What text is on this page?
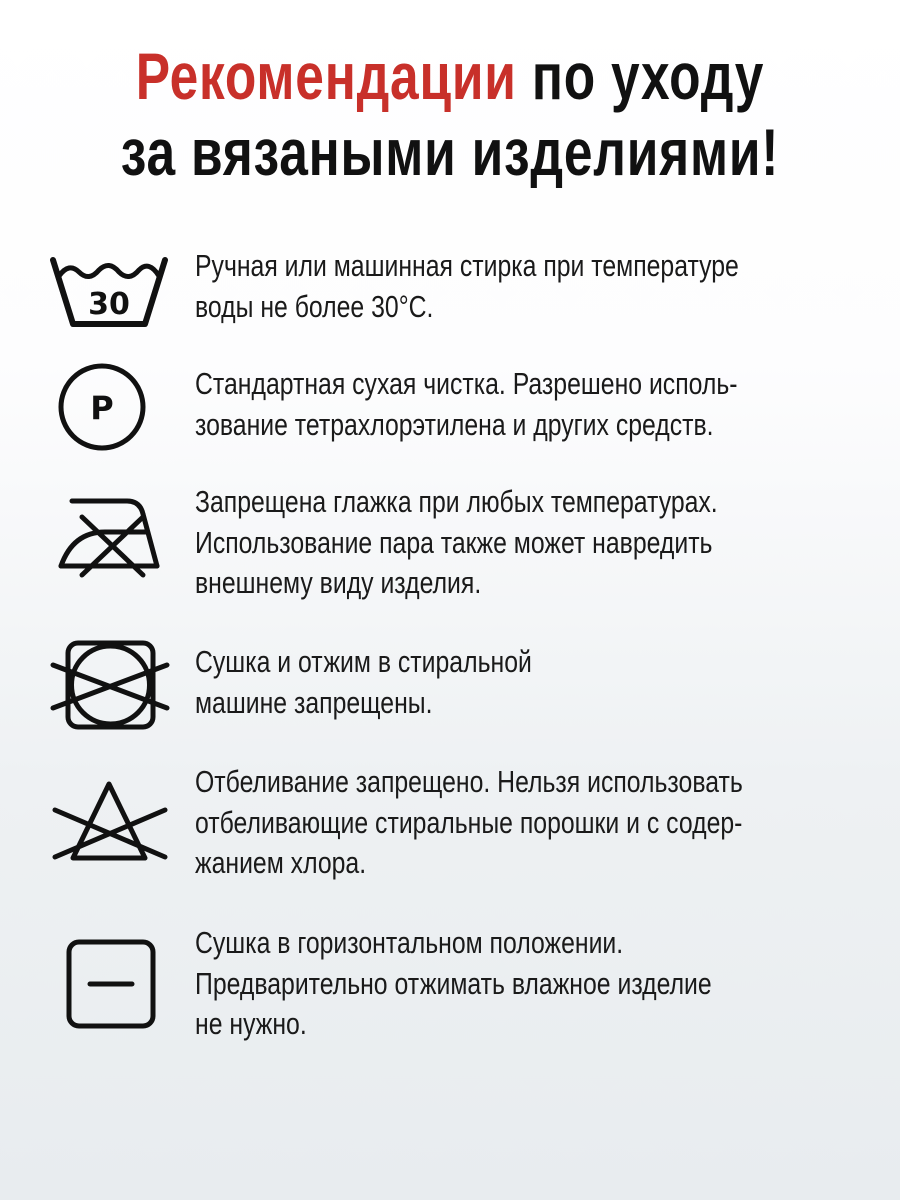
Рекомендации по уходу
за вязаными изделиями!
30
Ручная или машинная стирка при температуре
воды не более 30°C.
P
Стандартная сухая чистка. Разрешено исполь-
зование тетрахлорэтилена и других средств.
Запрещена глажка при любых температурах.
Использование пара также может навредить
внешнему виду изделия.
Сушка и отжим в стиральной
машине запрещены.
Отбеливание запрещено. Нельзя использовать
отбеливающие стиральные порошки и с содер-
жанием хлора.
Сушка в горизонтальном положении.
Предварительно отжимать влажное изделие
не нужно.
